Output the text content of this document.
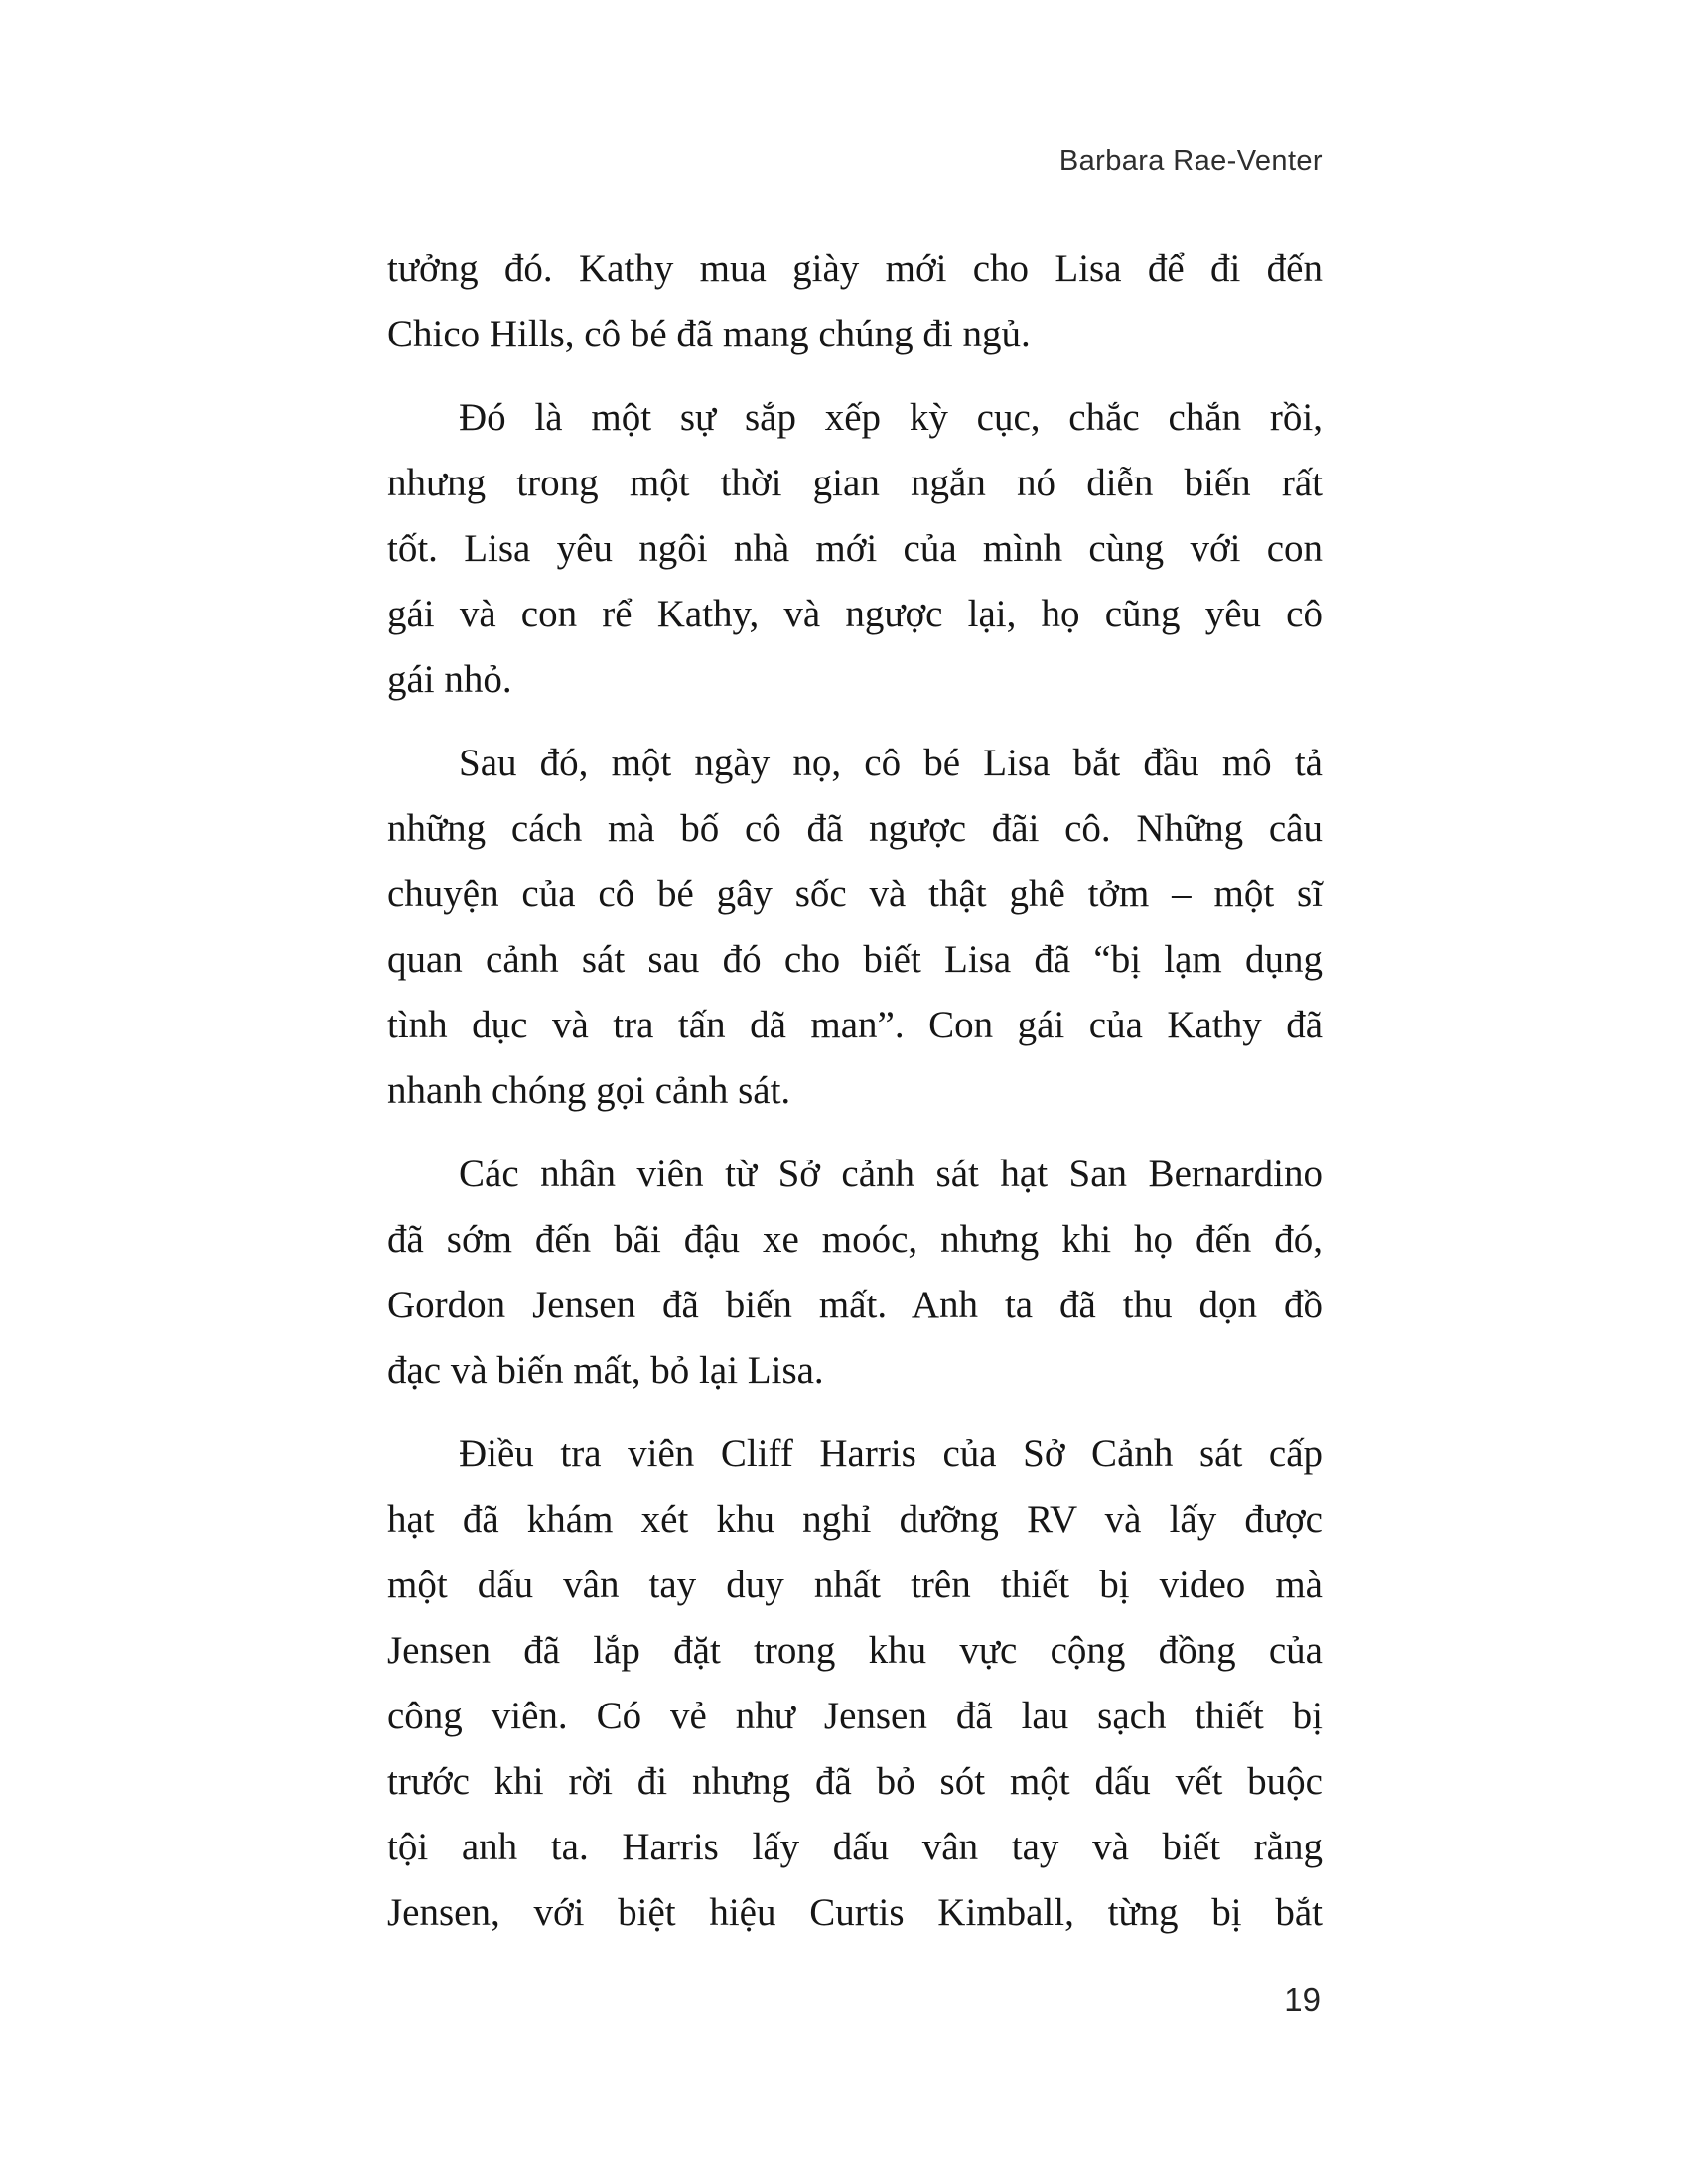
Barbara Rae-Venter
tưởng đó. Kathy mua giày mới cho Lisa để đi đến
Chico Hills, cô bé đã mang chúng đi ngủ.
Đó là một sự sắp xếp kỳ cục, chắc chắn rồi,
nhưng trong một thời gian ngắn nó diễn biến rất
tốt. Lisa yêu ngôi nhà mới của mình cùng với con
gái và con rể Kathy, và ngược lại, họ cũng yêu cô
gái nhỏ.
Sau đó, một ngày nọ, cô bé Lisa bắt đầu mô tả
những cách mà bố cô đã ngược đãi cô. Những câu
chuyện của cô bé gây sốc và thật ghê tởm – một sĩ
quan cảnh sát sau đó cho biết Lisa đã “bị lạm dụng
tình dục và tra tấn dã man”. Con gái của Kathy đã
nhanh chóng gọi cảnh sát.
Các nhân viên từ Sở cảnh sát hạt San Bernardino
đã sớm đến bãi đậu xe moóc, nhưng khi họ đến đó,
Gordon Jensen đã biến mất. Anh ta đã thu dọn đồ
đạc và biến mất, bỏ lại Lisa.
Điều tra viên Cliff Harris của Sở Cảnh sát cấp
hạt đã khám xét khu nghỉ dưỡng RV và lấy được
một dấu vân tay duy nhất trên thiết bị video mà
Jensen đã lắp đặt trong khu vực cộng đồng của
công viên. Có vẻ như Jensen đã lau sạch thiết bị
trước khi rời đi nhưng đã bỏ sót một dấu vết buộc
tội anh ta. Harris lấy dấu vân tay và biết rằng
Jensen, với biệt hiệu Curtis Kimball, từng bị bắt
19
